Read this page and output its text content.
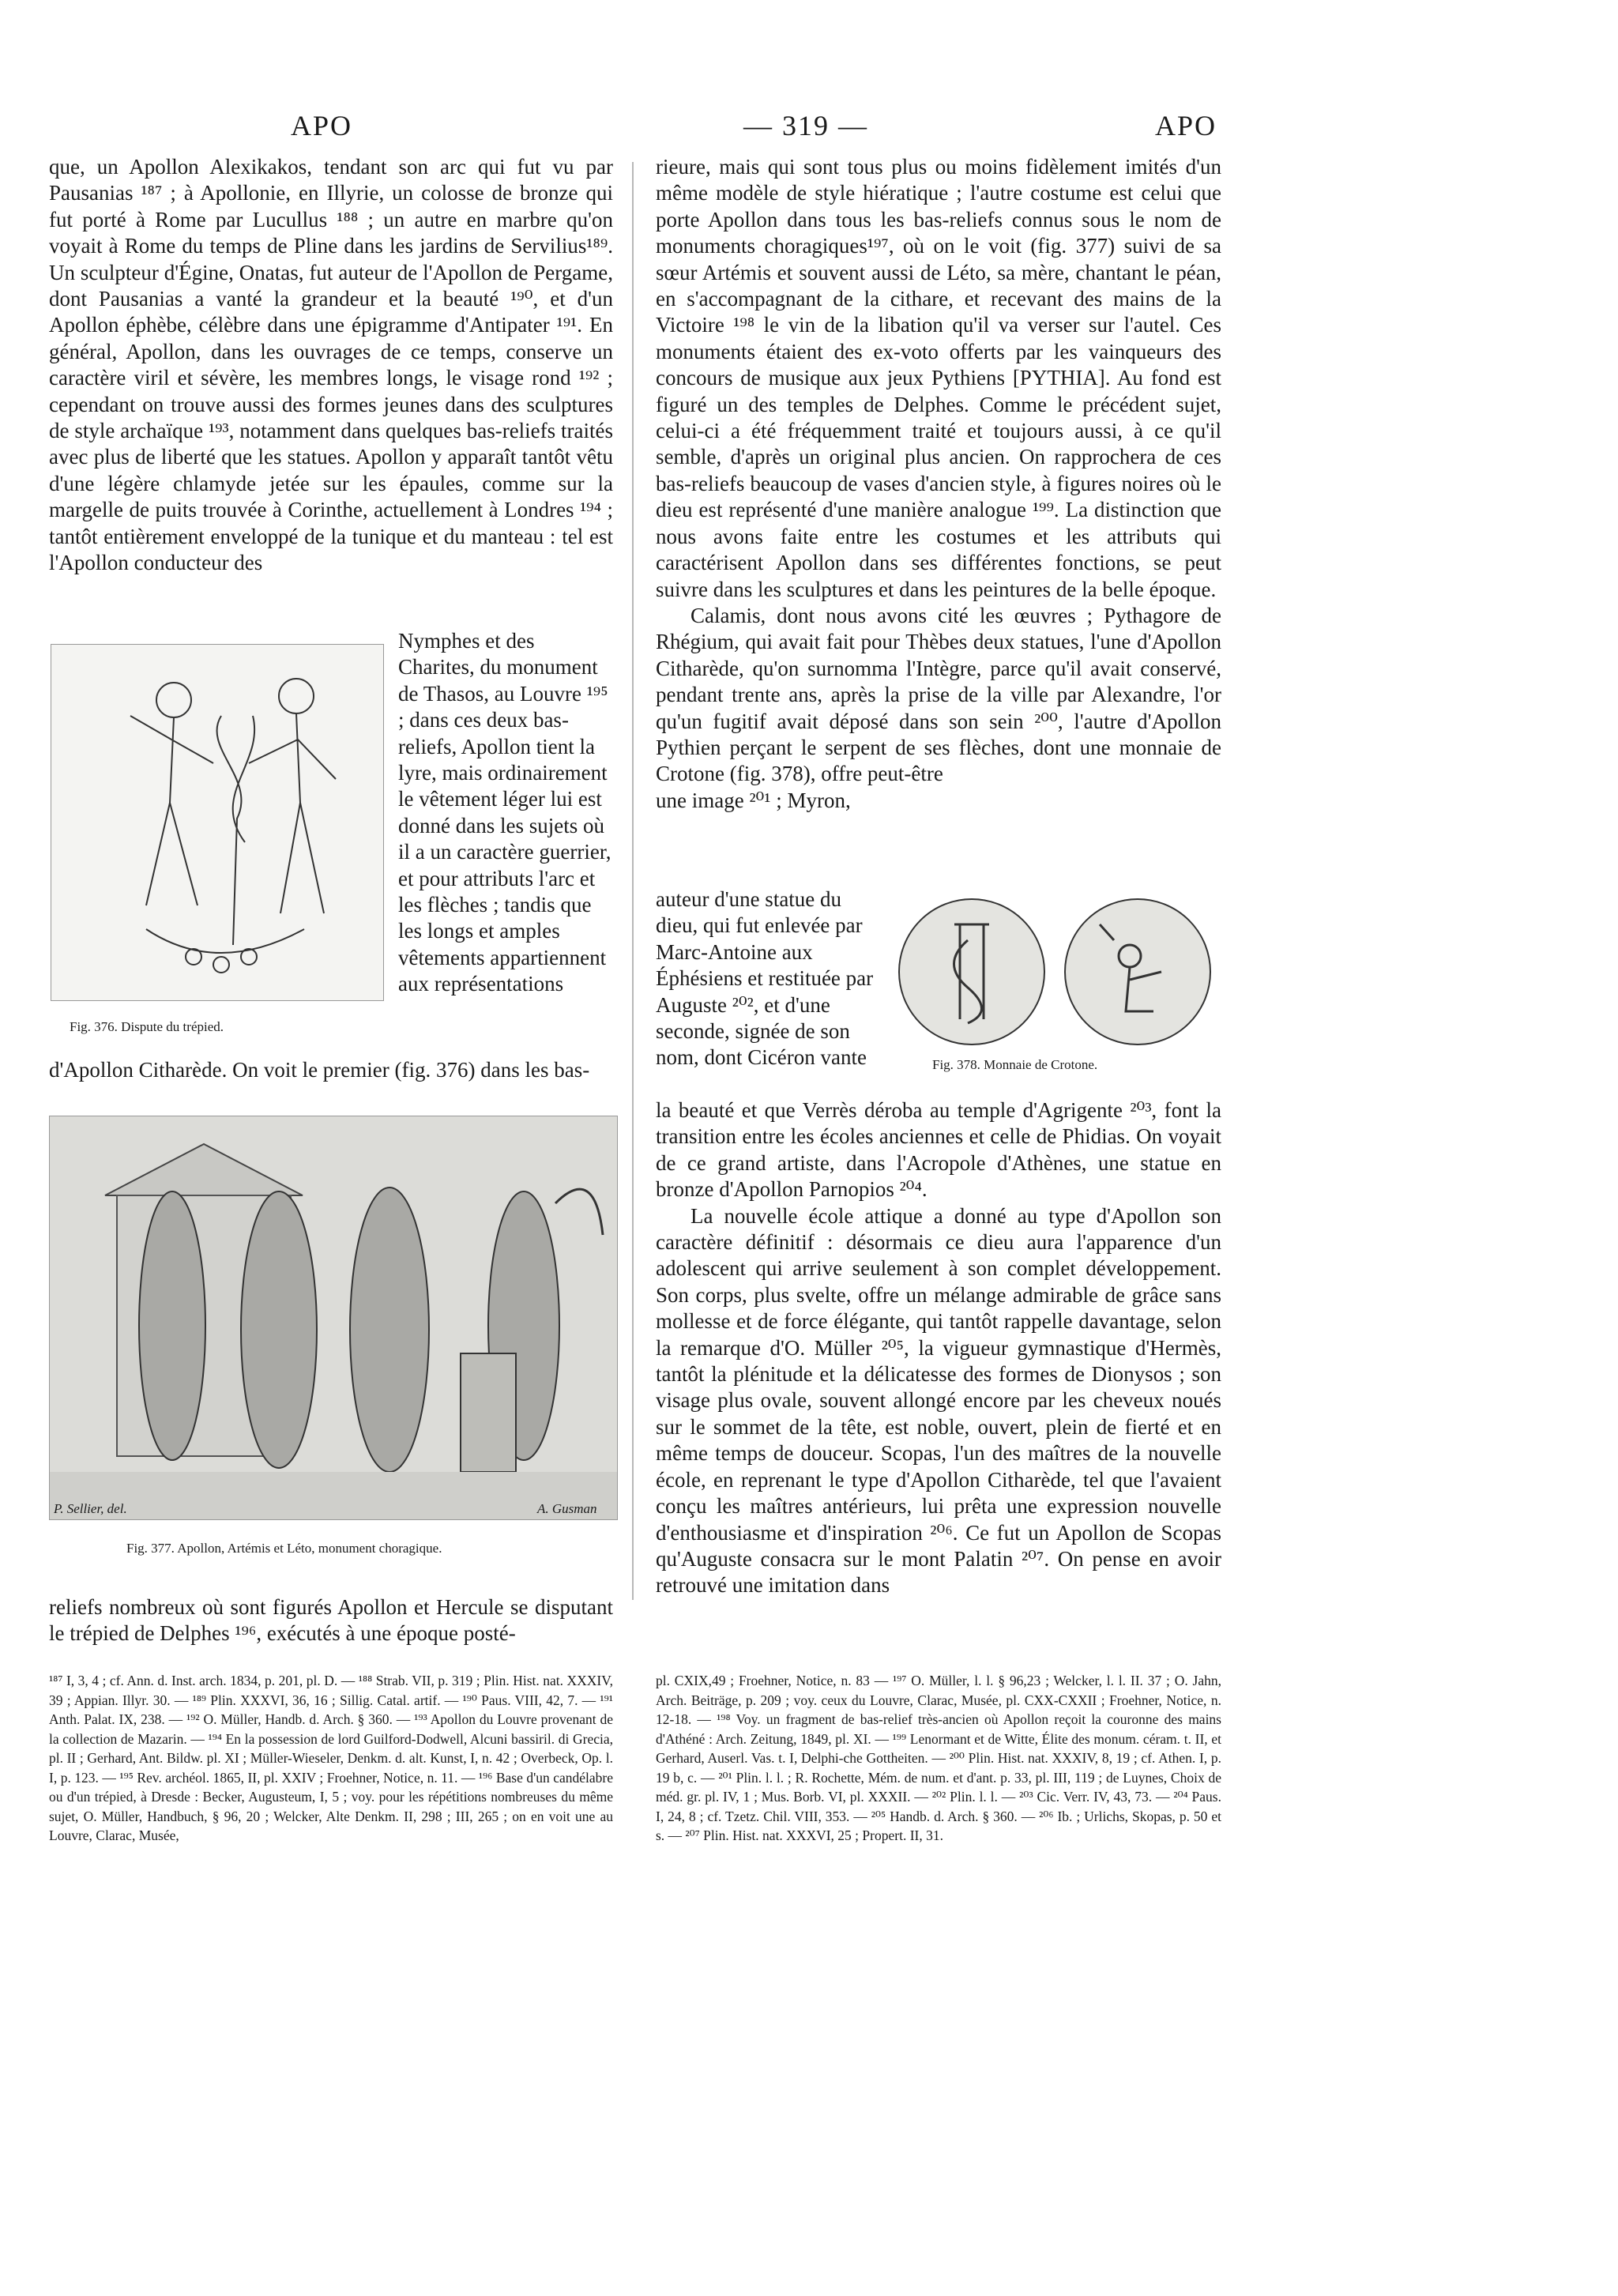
APO	— 319 —	APO

que, un Apollon Alexikakos, tendant son arc qui fut vu par Pausanias ¹⁸⁷ ; à Apollonie, en Illyrie, un colosse de bronze qui fut porté à Rome par Lucullus ¹⁸⁸ ; un autre en marbre qu'on voyait à Rome du temps de Pline dans les jardins de Servilius¹⁸⁹. Un sculpteur d'Égine, Onatas, fut auteur de l'Apollon de Pergame, dont Pausanias a vanté la grandeur et la beauté ¹⁹⁰, et d'un Apollon éphèbe, célèbre dans une épigramme d'Antipater ¹⁹¹. En général, Apollon, dans les ouvrages de ce temps, conserve un caractère viril et sévère, les membres longs, le visage rond ¹⁹² ; cependant on trouve aussi des formes jeunes dans des sculptures de style archaïque ¹⁹³, notamment dans quelques bas-reliefs traités avec plus de liberté que les statues. Apollon y apparaît tantôt vêtu d'une légère chlamyde jetée sur les épaules, comme sur la margelle de puits trouvée à Corinthe, actuellement à Londres ¹⁹⁴ ; tantôt entièrement enveloppé de la tunique et du manteau : tel est l'Apollon conducteur des

Fig. 376. Dispute du trépied.

Nymphes et des Charites, du monument de Thasos, au Louvre ¹⁹⁵ ; dans ces deux bas-reliefs, Apollon tient la lyre, mais ordinairement le vêtement léger lui est donné dans les sujets où il a un caractère guerrier, et pour attributs l'arc et les flèches ; tandis que les longs et amples vêtements appartiennent aux représentations

d'Apollon Citharède. On voit le premier (fig. 376) dans les bas-

P. Sellier, del.	A. Gusman
Fig. 377. Apollon, Artémis et Léto, monument choragique.

reliefs nombreux où sont figurés Apollon et Hercule se disputant le trépied de Delphes ¹⁹⁶, exécutés à une époque posté-

rieure, mais qui sont tous plus ou moins fidèlement imités d'un même modèle de style hiératique ; l'autre costume est celui que porte Apollon dans tous les bas-reliefs connus sous le nom de monuments choragiques¹⁹⁷, où on le voit (fig. 377) suivi de sa sœur Artémis et souvent aussi de Léto, sa mère, chantant le péan, en s'accompagnant de la cithare, et recevant des mains de la Victoire ¹⁹⁸ le vin de la libation qu'il va verser sur l'autel. Ces monuments étaient des ex-voto offerts par les vainqueurs des concours de musique aux jeux Pythiens [PYTHIA]. Au fond est figuré un des temples de Delphes. Comme le précédent sujet, celui-ci a été fréquemment traité et toujours aussi, à ce qu'il semble, d'après un original plus ancien. On rapprochera de ces bas-reliefs beaucoup de vases d'ancien style, à figures noires où le dieu est représenté d'une manière analogue ¹⁹⁹. La distinction que nous avons faite entre les costumes et les attributs qui caractérisent Apollon dans ses différentes fonctions, se peut suivre dans les sculptures et dans les peintures de la belle époque.

Calamis, dont nous avons cité les œuvres ; Pythagore de Rhégium, qui avait fait pour Thèbes deux statues, l'une d'Apollon Citharède, qu'on surnomma l'Intègre, parce qu'il avait conservé, pendant trente ans, après la prise de la ville par Alexandre, l'or qu'un fugitif avait déposé dans son sein ²⁰⁰, l'autre d'Apollon Pythien perçant le serpent de ses flèches, dont une monnaie de Crotone (fig. 378), offre peut-être

une image ²⁰¹ ; Myron,

auteur d'une statue du dieu, qui fut enlevée par Marc-Antoine aux Éphésiens et restituée par Auguste ²⁰², et d'une seconde, signée de son nom, dont Cicéron vante	Fig. 378. Monnaie de Crotone.

la beauté et que Verrès déroba au temple d'Agrigente ²⁰³, font la transition entre les écoles anciennes et celle de Phidias. On voyait de ce grand artiste, dans l'Acropole d'Athènes, une statue en bronze d'Apollon Parnopios ²⁰⁴.

La nouvelle école attique a donné au type d'Apollon son caractère définitif : désormais ce dieu aura l'apparence d'un adolescent qui arrive seulement à son complet développement. Son corps, plus svelte, offre un mélange admirable de grâce sans mollesse et de force élégante, qui tantôt rappelle davantage, selon la remarque d'O. Müller ²⁰⁵, la vigueur gymnastique d'Hermès, tantôt la plénitude et la délicatesse des formes de Dionysos ; son visage plus ovale, souvent allongé encore par les cheveux noués sur le sommet de la tête, est noble, ouvert, plein de fierté et en même temps de douceur. Scopas, l'un des maîtres de la nouvelle école, en reprenant le type d'Apollon Citharède, tel que l'avaient conçu les maîtres antérieurs, lui prêta une expression nouvelle d'enthousiasme et d'inspiration ²⁰⁶. Ce fut un Apollon de Scopas qu'Auguste consacra sur le mont Palatin ²⁰⁷. On pense en avoir retrouvé une imitation dans

¹⁸⁷ I, 3, 4 ; cf. Ann. d. Inst. arch. 1834, p. 201, pl. D. — ¹⁸⁸ Strab. VII, p. 319 ; Plin. Hist. nat. XXXIV, 39 ; Appian. Illyr. 30. — ¹⁸⁹ Plin. XXXVI, 36, 16 ; Sillig. Catal. artif. — ¹⁹⁰ Paus. VIII, 42, 7. — ¹⁹¹ Anth. Palat. IX, 238. — ¹⁹² O. Müller, Handb. d. Arch. § 360. — ¹⁹³ Apollon du Louvre provenant de la collection de Mazarin. — ¹⁹⁴ En la possession de lord Guilford-Dodwell, Alcuni bassiril. di Grecia, pl. II ; Gerhard, Ant. Bildw. pl. XI ; Müller-Wieseler, Denkm. d. alt. Kunst, I, n. 42 ; Overbeck, Op. l. I, p. 123. — ¹⁹⁵ Rev. archéol. 1865, II, pl. XXIV ; Froehner, Notice, n. 11. — ¹⁹⁶ Base d'un candélabre ou d'un trépied, à Dresde : Becker, Augusteum, I, 5 ; voy. pour les répétitions nombreuses du même sujet, O. Müller, Handbuch, § 96, 20 ; Welcker, Alte Denkm. II, 298 ; III, 265 ; on en voit une au Louvre, Clarac, Musée,
pl. CXIX,49 ; Froehner, Notice, n. 83 — ¹⁹⁷ O. Müller, l. l. § 96,23 ; Welcker, l. l. II. 37 ; O. Jahn, Arch. Beiträge, p. 209 ; voy. ceux du Louvre, Clarac, Musée, pl. CXX-CXXII ; Froehner, Notice, n. 12-18. — ¹⁹⁸ Voy. un fragment de bas-relief très-ancien où Apollon reçoit la couronne des mains d'Athéné : Arch. Zeitung, 1849, pl. XI. — ¹⁹⁹ Lenormant et de Witte, Élite des monum. céram. t. II, et Gerhard, Auserl. Vas. t. I, Delphi-che Gottheiten. — ²⁰⁰ Plin. Hist. nat. XXXIV, 8, 19 ; cf. Athen. I, p. 19 b, c. — ²⁰¹ Plin. l. l. ; R. Rochette, Mém. de num. et d'ant. p. 33, pl. III, 119 ; de Luynes, Choix de méd. gr. pl. IV, 1 ; Mus. Borb. VI, pl. XXXII. — ²⁰² Plin. l. l. — ²⁰³ Cic. Verr. IV, 43, 73. — ²⁰⁴ Paus. I, 24, 8 ; cf. Tzetz. Chil. VIII, 353. — ²⁰⁵ Handb. d. Arch. § 360. — ²⁰⁶ Ib. ; Urlichs, Skopas, p. 50 et s. — ²⁰⁷ Plin. Hist. nat. XXXVI, 25 ; Propert. II, 31.
